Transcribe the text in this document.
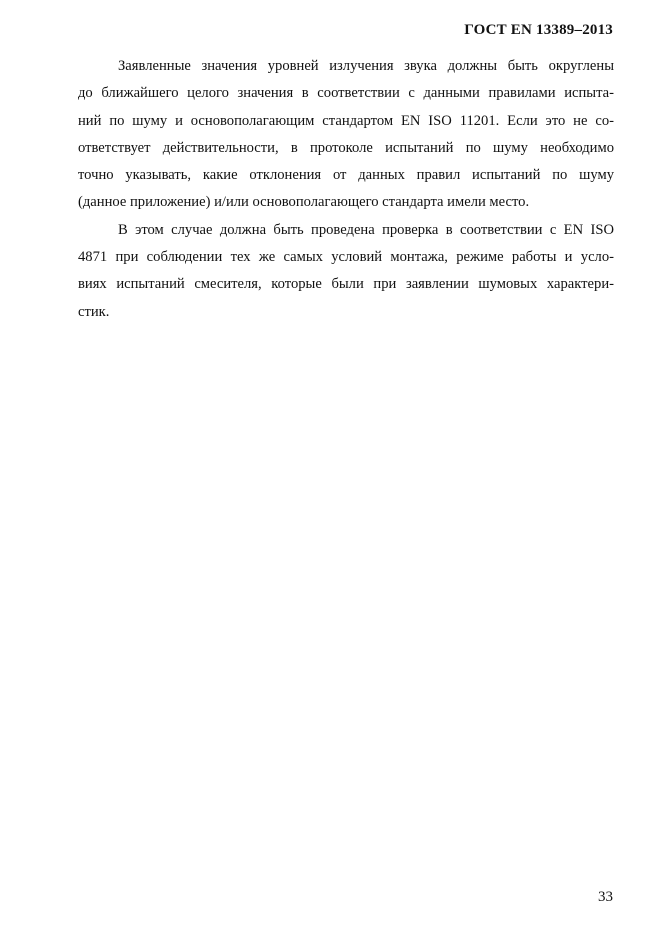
ГОСТ EN 13389–2013
Заявленные значения уровней излучения звука должны быть округлены
до ближайшего целого значения в соответствии с данными правилами испыта-
ний по шуму и основополагающим стандартом EN ISO 11201. Если это не со-
ответствует действительности, в протоколе испытаний по шуму необходимо
точно указывать, какие отклонения от данных правил испытаний по шуму
(данное приложение) и/или основополагающего стандарта имели место.
В этом случае должна быть проведена проверка в соответствии с EN ISO
4871 при соблюдении тех же самых условий монтажа, режиме работы и усло-
виях испытаний смесителя, которые были при заявлении шумовых характери-
стик.
33
